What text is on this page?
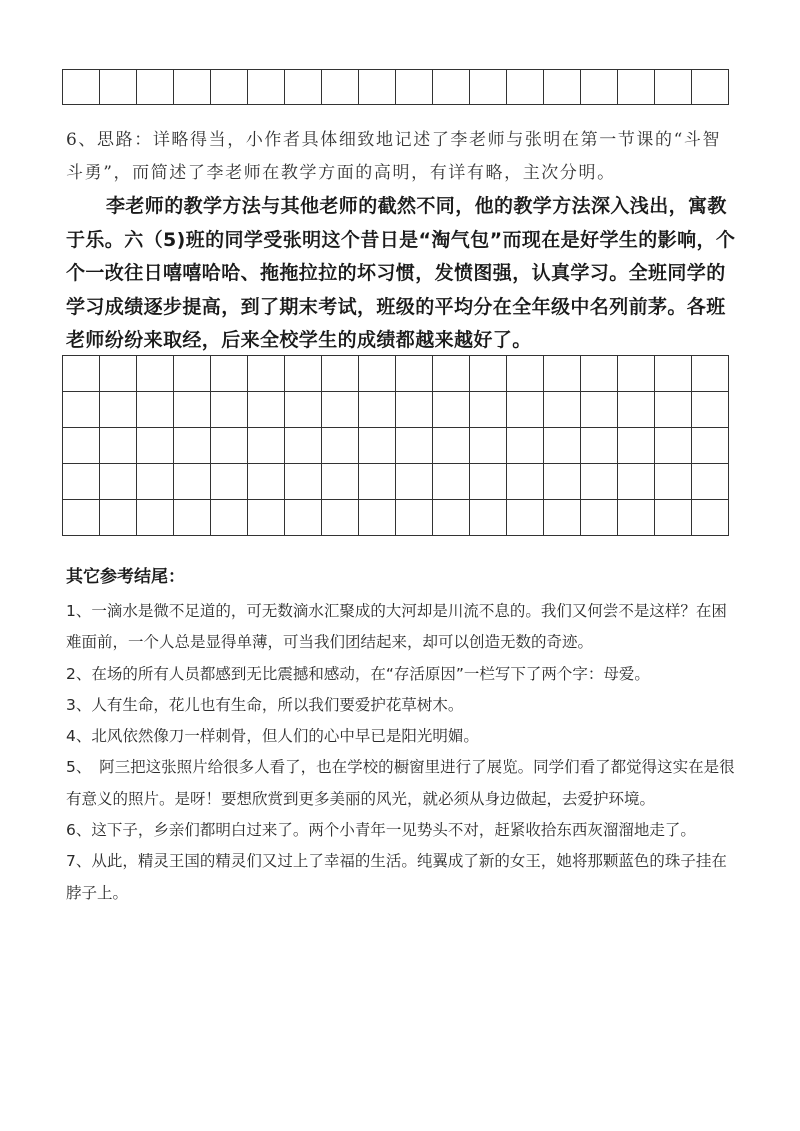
6、思路：详略得当，小作者具体细致地记述了李老师与张明在第一节课的“斗智斗勇”，而简述了李老师在教学方面的高明，有详有略，主次分明。

李老师的教学方法与其他老师的截然不同，他的教学方法深入浅出，寓教于乐。六（5)班的同学受张明这个昔日是“淘气包”而现在是好学生的影响，个个一改往日嘻嘻哈哈、拖拖拉拉的坏习惯，发愤图强，认真学习。全班同学的学习成绩逐步提高，到了期末考试，班级的平均分在全年级中名列前茅。各班老师纷纷来取经，后来全校学生的成绩都越来越好了。

其它参考结尾：
1、一滴水是微不足道的，可无数滴水汇聚成的大河却是川流不息的。我们又何尝不是这样？在困难面前，一个人总是显得单薄，可当我们团结起来，却可以创造无数的奇迹。
2、在场的所有人员都感到无比震撼和感动，在“存活原因”一栏写下了两个字：母爱。
3、人有生命，花儿也有生命，所以我们要爱护花草树木。
4、北风依然像刀一样刺骨，但人们的心中早已是阳光明媚。
5、　阿三把这张照片给很多人看了，也在学校的橱窗里进行了展览。同学们看了都觉得这实在是很有意义的照片。是呀！要想欣赏到更多美丽的风光，就必须从身边做起，去爱护环境。
6、这下子，乡亲们都明白过来了。两个小青年一见势头不对，赶紧收拾东西灰溜溜地走了。
7、从此，精灵王国的精灵们又过上了幸福的生活。纯翼成了新的女王，她将那颗蓝色的珠子挂在脖子上。
